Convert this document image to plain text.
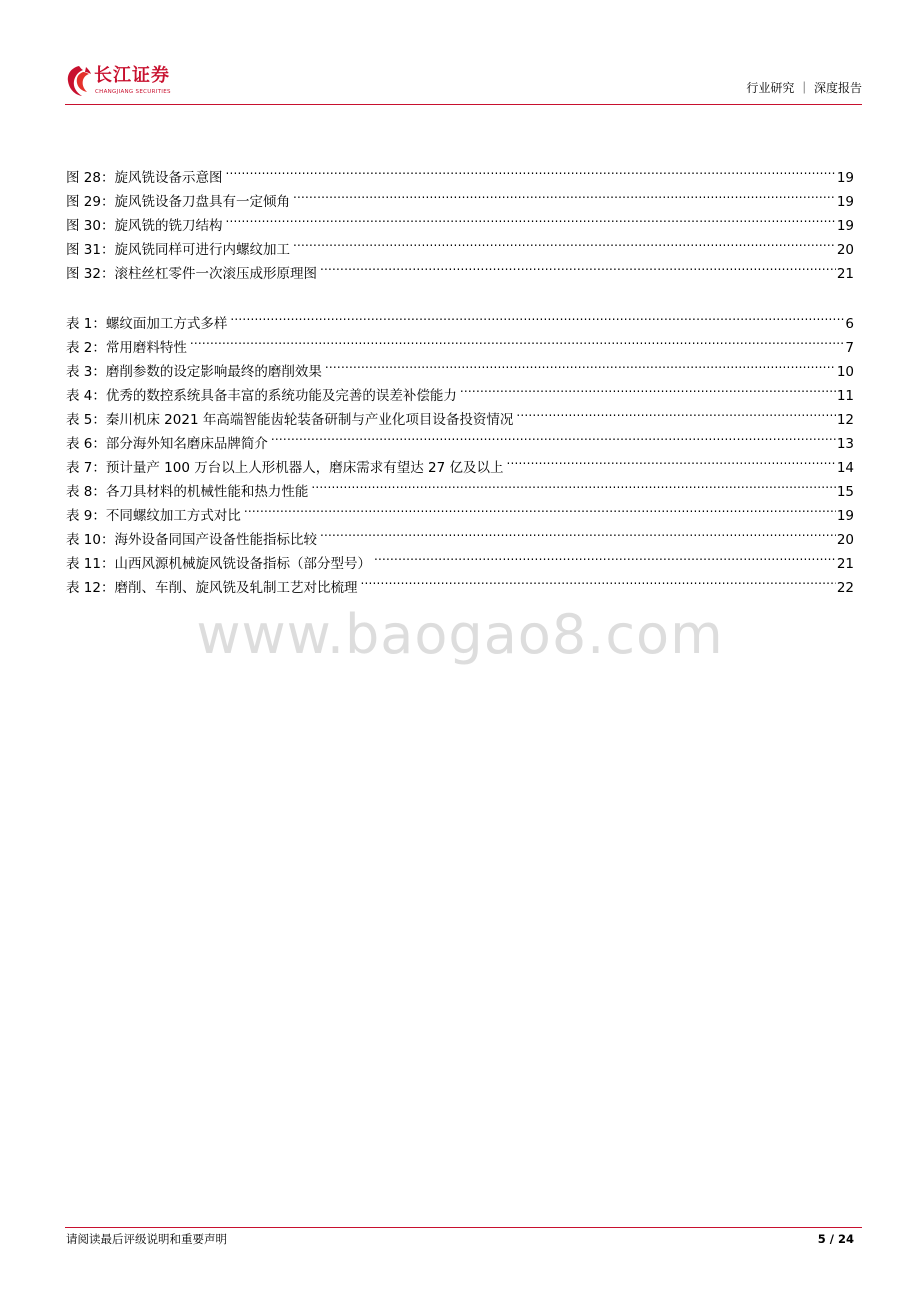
长江证券
CHANGJIANG SECURITIES	行业研究 ｜ 深度报告
图 28：旋风铣设备示意图 .....	19
图 29：旋风铣设备刀盘具有一定倾角 .....	19
图 30：旋风铣的铣刀结构 .....	19
图 31：旋风铣同样可进行内螺纹加工 .....	20
图 32：滚柱丝杠零件一次滚压成形原理图 .....	21
表 1：螺纹面加工方式多样 .....	6
表 2：常用磨料特性 .....	7
表 3：磨削参数的设定影响最终的磨削效果 .....	10
表 4：优秀的数控系统具备丰富的系统功能及完善的误差补偿能力 .....	11
表 5：秦川机床 2021 年高端智能齿轮装备研制与产业化项目设备投资情况 .....	12
表 6：部分海外知名磨床品牌简介 .....	13
表 7：预计量产 100 万台以上人形机器人，磨床需求有望达 27 亿及以上 .....	14
表 8：各刀具材料的机械性能和热力性能 .....	15
表 9：不同螺纹加工方式对比 .....	19
表 10：海外设备同国产设备性能指标比较 .....	20
表 11：山西风源机械旋风铣设备指标（部分型号） .....	21
表 12：磨削、车削、旋风铣及轧制工艺对比梳理 .....	22
www.baogao8.com
请阅读最后评级说明和重要声明	5 / 24
